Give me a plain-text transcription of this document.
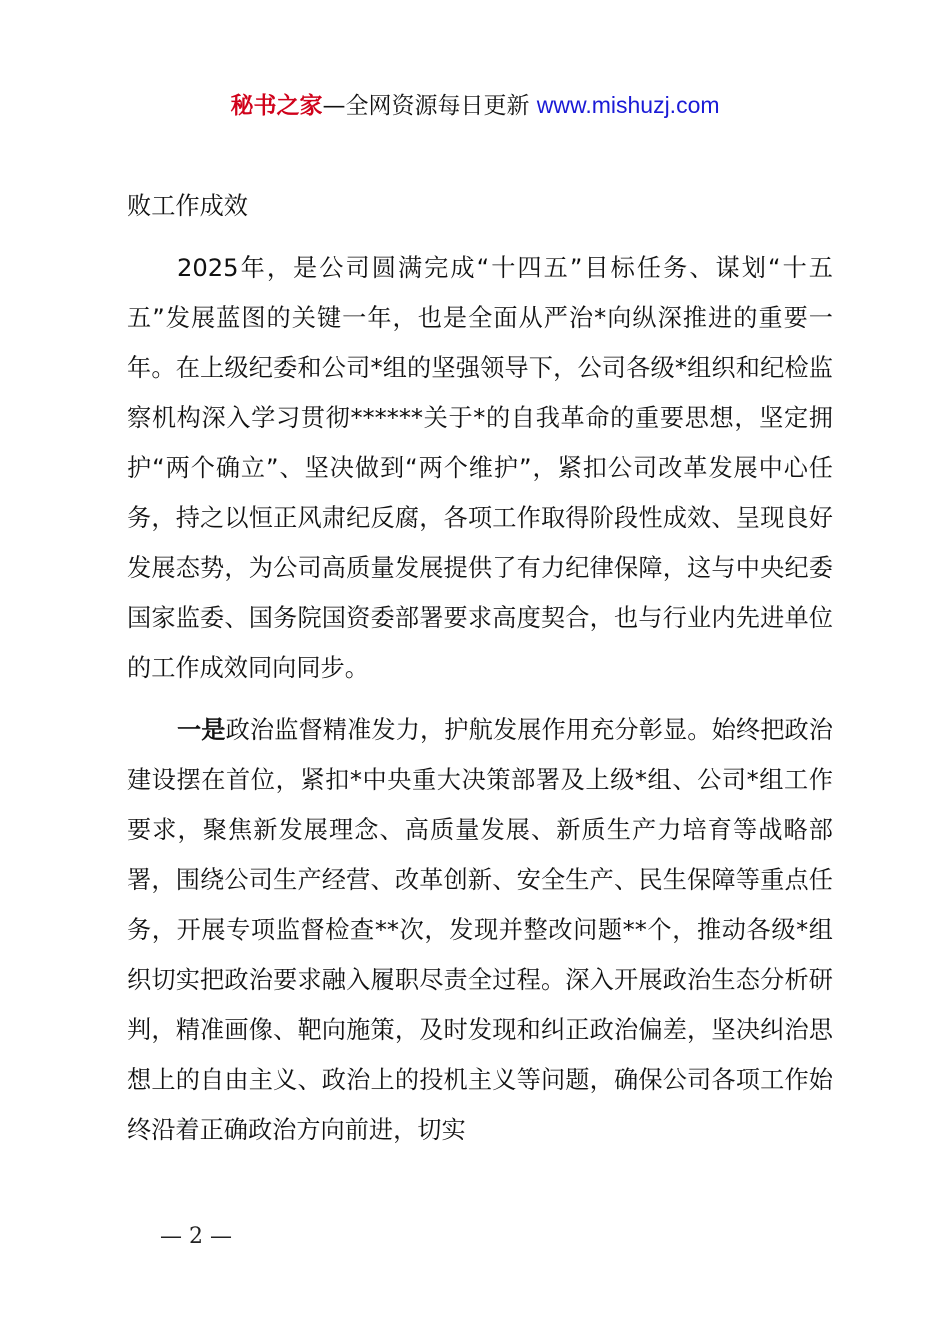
秘书之家—全网资源每日更新 www.mishuzj.com

败工作成效

2025年，是公司圆满完成“十四五”目标任务、谋划“十五五”发展蓝图的关键一年，也是全面从严治*向纵深推进的重要一年。在上级纪委和公司*组的坚强领导下，公司各级*组织和纪检监察机构深入学习贯彻******关于*的自我革命的重要思想，坚定拥护“两个确立”、坚决做到“两个维护”，紧扣公司改革发展中心任务，持之以恒正风肃纪反腐，各项工作取得阶段性成效、呈现良好发展态势，为公司高质量发展提供了有力纪律保障，这与中央纪委国家监委、国务院国资委部署要求高度契合，也与行业内先进单位的工作成效同向同步。

一是政治监督精准发力，护航发展作用充分彰显。始终把政治建设摆在首位，紧扣*中央重大决策部署及上级*组、公司*组工作要求，聚焦新发展理念、高质量发展、新质生产力培育等战略部署，围绕公司生产经营、改革创新、安全生产、民生保障等重点任务，开展专项监督检查**次，发现并整改问题**个，推动各级*组织切实把政治要求融入履职尽责全过程。深入开展政治生态分析研判，精准画像、靶向施策，及时发现和纠正政治偏差，坚决纠治思想上的自由主义、政治上的投机主义等问题，确保公司各项工作始终沿着正确政治方向前进，切实

— 2 —
